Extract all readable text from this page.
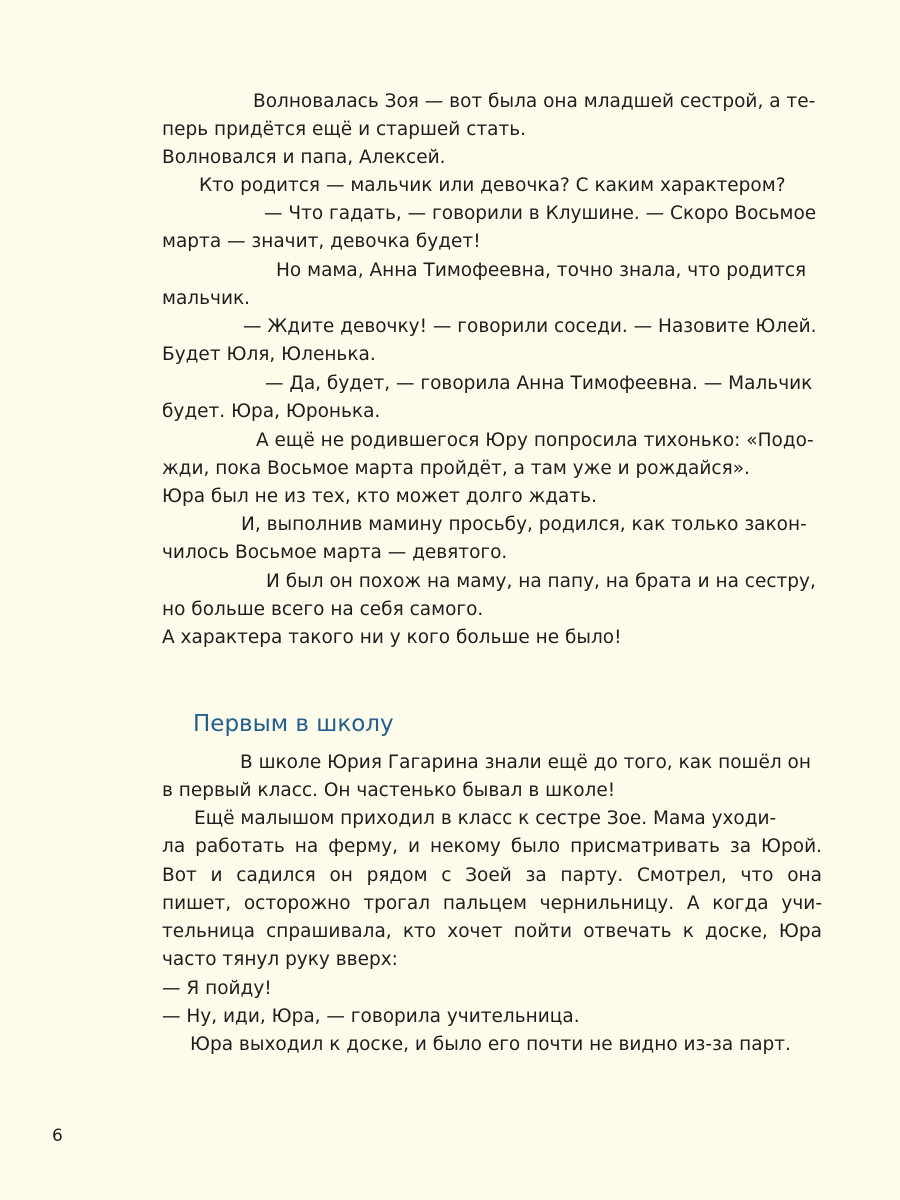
Волновалась Зоя — вот была она младшей сестрой, а те-
перь придётся ещё и старшей стать.
Волновался и папа, Алексей.
Кто родится — мальчик или девочка? С каким характером?
— Что гадать, — говорили в Клушине. — Скоро Восьмое
марта — значит, девочка будет!
Но мама, Анна Тимофеевна, точно знала, что родится
мальчик.
— Ждите девочку! — говорили соседи. — Назовите Юлей.
Будет Юля, Юленька.
— Да, будет, — говорила Анна Тимофеевна. — Мальчик
будет. Юра, Юронька.
А ещё не родившегося Юру попросила тихонько: «Подо-
жди, пока Восьмое марта пройдёт, а там уже и рождайся».
Юра был не из тех, кто может долго ждать.
И, выполнив мамину просьбу, родился, как только закон-
чилось Восьмое марта — девятого.
И был он похож на маму, на папу, на брата и на сестру,
но больше всего на себя самого.
А характера такого ни у кого больше не было!
Первым в школу
В школе Юрия Гагарина знали ещё до того, как пошёл он
в первый класс. Он частенько бывал в школе!
Ещё малышом приходил в класс к сестре Зое. Мама уходи-
ла работать на ферму, и некому было присматривать за Юрой.
Вот и садился он рядом с Зоей за парту. Смотрел, что она
пишет, осторожно трогал пальцем чернильницу. А когда учи-
тельница спрашивала, кто хочет пойти отвечать к доске, Юра
часто тянул руку вверх:
— Я пойду!
— Ну, иди, Юра, — говорила учительница.
Юра выходил к доске, и было его почти не видно из-за парт.
6
